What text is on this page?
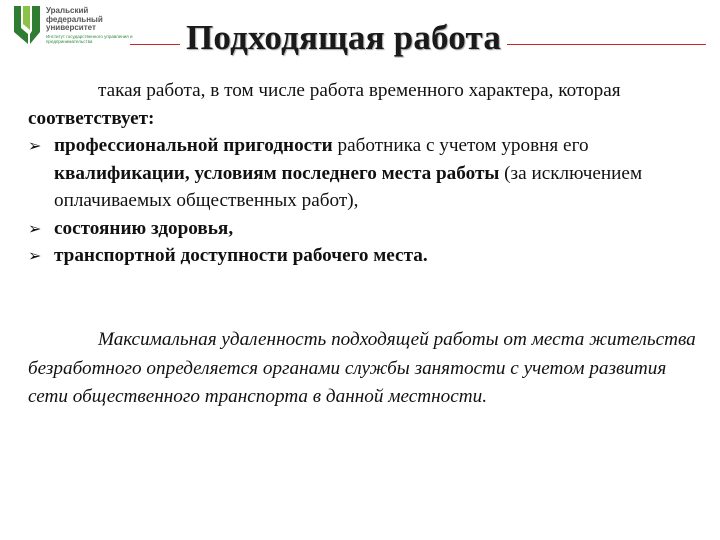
Уральский
федеральный
университет
Институт государственного управления и предпринимательства	Подходящая работа

такая работа, в том числе работа временного характера, которая соответствует:

➢ профессиональной пригодности работника с учетом уровня его квалификации, условиям последнего места работы (за исключением оплачиваемых общественных работ),
➢ состоянию здоровья,
➢ транспортной доступности рабочего места.

Максимальная удаленность подходящей работы от места жительства безработного определяется органами службы занятости с учетом развития сети общественного транспорта в данной местности.
